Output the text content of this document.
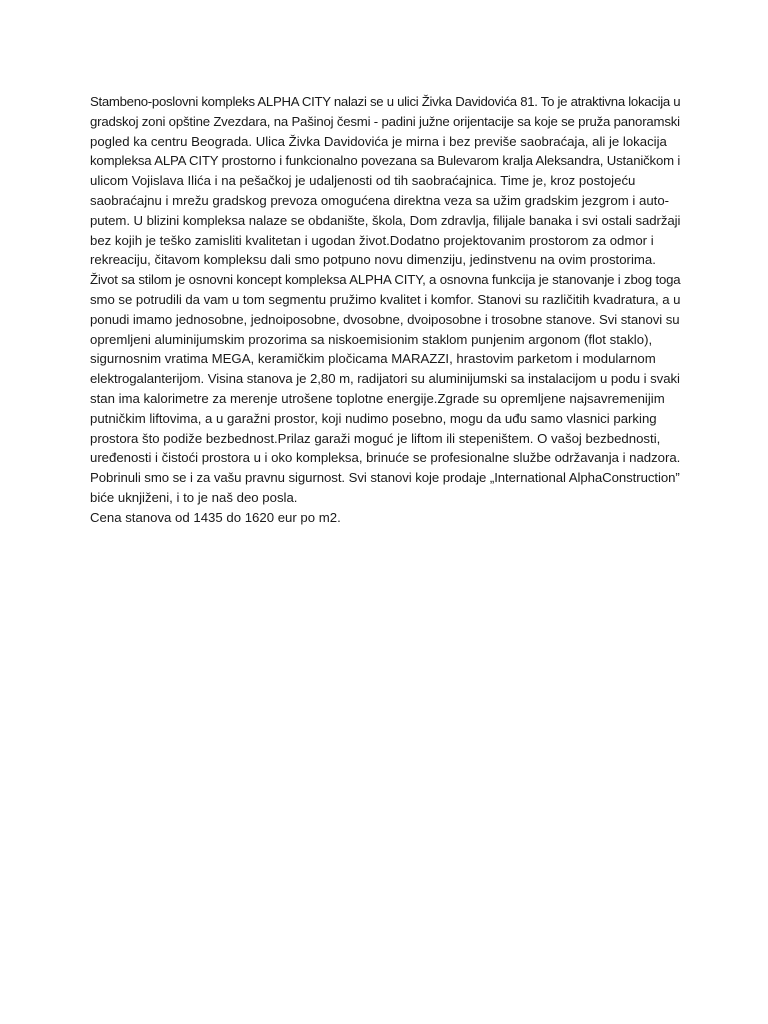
Stambeno-poslovni kompleks ALPHA CITY nalazi se u ulici Živka Davidovića 81. To je atraktivna lokacija u
gradskoj zoni opštine Zvezdara, na Pašinoj česmi - padini južne orijentacije sa koje se pruža panoramski
pogled ka centru Beograda. Ulica Živka Davidovića je mirna i bez previše saobraćaja, ali je lokacija
kompleksa ALPA CITY prostorno i funkcionalno povezana sa Bulevarom kralja Aleksandra, Ustaničkom i
ulicom Vojislava Ilića i na pešačkoj je udaljenosti od tih saobraćajnica. Time je, kroz postojeću
saobraćajnu i mrežu gradskog prevoza omogućena direktna veza sa užim gradskim jezgrom i auto-
putem. U blizini kompleksa nalaze se obdanište, škola, Dom zdravlja, filijale banaka i svi ostali sadržaji
bez kojih je teško zamisliti kvalitetan i ugodan život.Dodatno projektovanim prostorom za odmor i
rekreaciju, čitavom kompleksu dali smo potpuno novu dimenziju, jedinstvenu na ovim prostorima.
Život sa stilom je osnovni koncept kompleksa ALPHA CITY, a osnovna funkcija je stanovanje i zbog toga
smo se potrudili da vam u tom segmentu pružimo kvalitet i komfor. Stanovi su različitih kvadratura, a u
ponudi imamo jednosobne, jednoiposobne, dvosobne, dvoiposobne i trosobne stanove. Svi stanovi su
opremljeni aluminijumskim prozorima sa niskoemisionim staklom punjenim argonom (flot staklo),
sigurnosnim vratima MEGA, keramičkim pločicama MARAZZI, hrastovim parketom i modularnom
elektrogalanterijom. Visina stanova je 2,80 m, radijatori su aluminijumski sa instalacijom u podu i svaki
stan ima kalorimetre za merenje utrošene toplotne energije.Zgrade su opremljene najsavremenijim
putničkim liftovima, a u garažni prostor, koji nudimo posebno, mogu da uđu samo vlasnici parking
prostora što podiže bezbednost.Prilaz garaži moguć je liftom ili stepeništem. O vašoj bezbednosti,
uređenosti i čistoći prostora u i oko kompleksa, brinuće se profesionalne službe održavanja i nadzora.
Pobrinuli smo se i za vašu pravnu sigurnost. Svi stanovi koje prodaje „International AlphaConstruction”
biće uknjiženi, i to je naš deo posla.
Cena stanova od 1435 do 1620 eur po m2.
